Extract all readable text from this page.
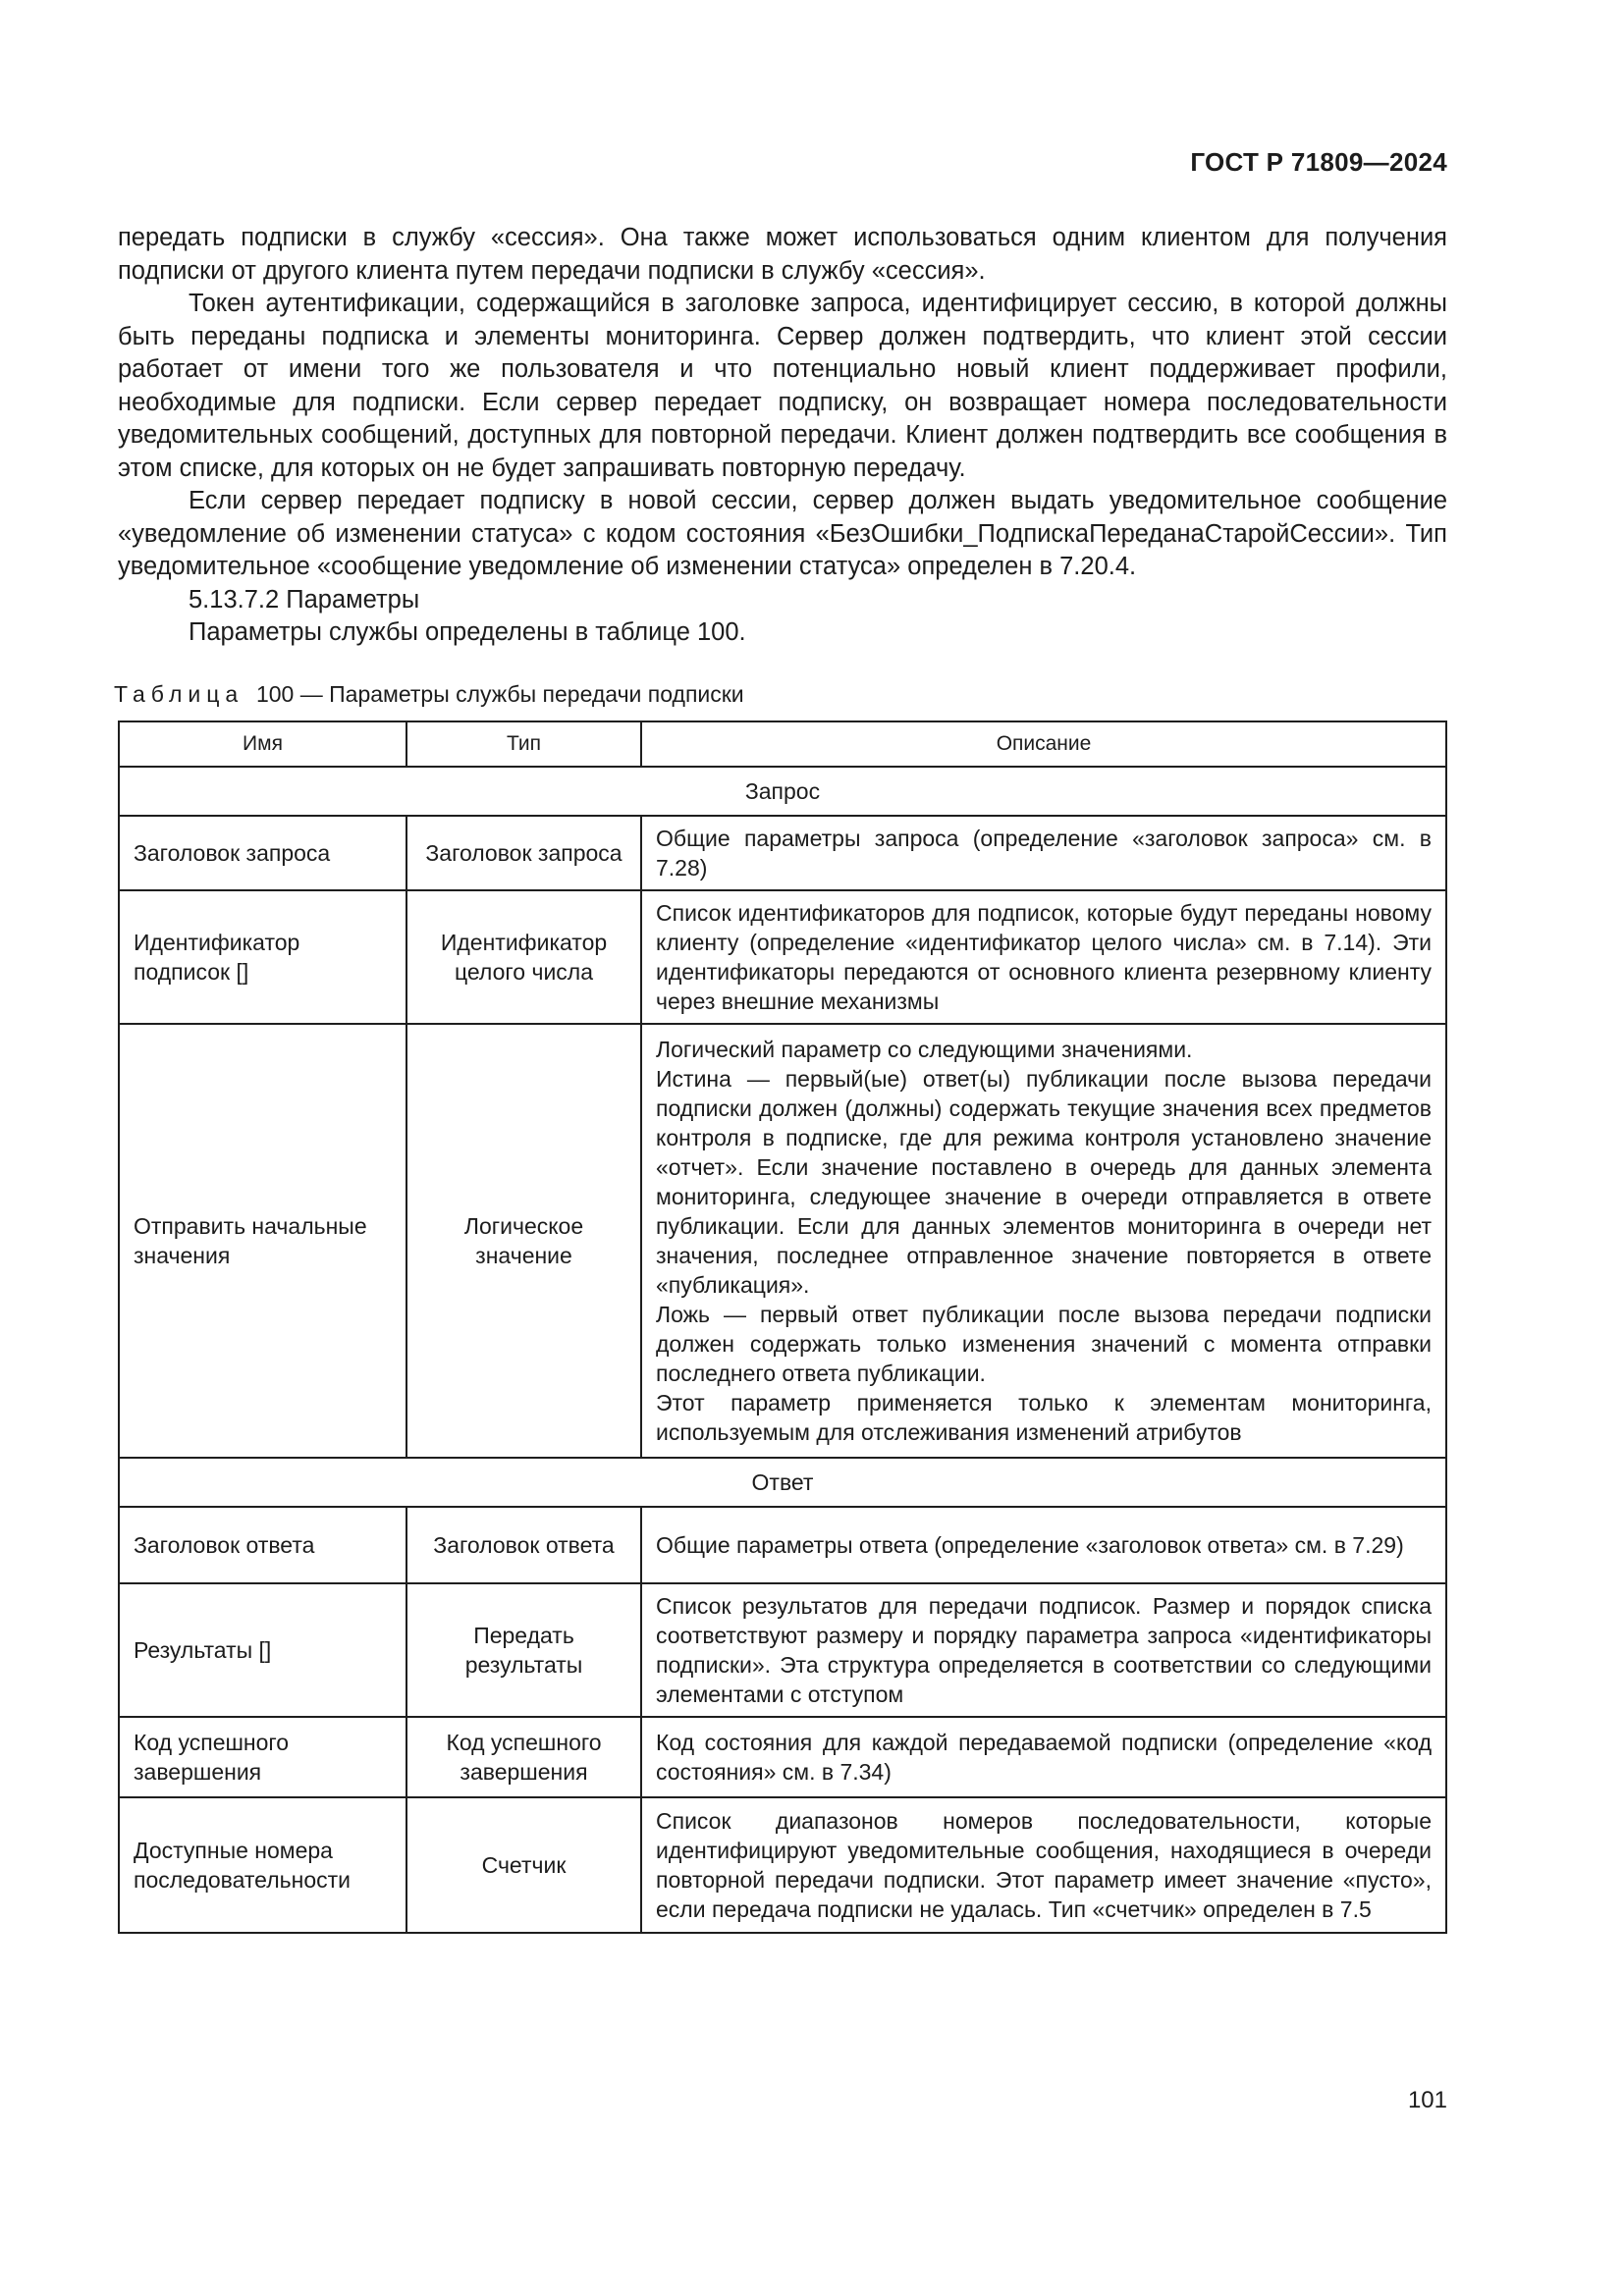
ГОСТ Р 71809—2024

передать подписки в службу «сессия». Она также может использоваться одним клиентом для получения подписки от другого клиента путем передачи подписки в службу «сессия».

Токен аутентификации, содержащийся в заголовке запроса, идентифицирует сессию, в которой должны быть переданы подписка и элементы мониторинга. Сервер должен подтвердить, что клиент этой сессии работает от имени того же пользователя и что потенциально новый клиент поддерживает профили, необходимые для подписки. Если сервер передает подписку, он возвращает номера последовательности уведомительных сообщений, доступных для повторной передачи. Клиент должен подтвердить все сообщения в этом списке, для которых он не будет запрашивать повторную передачу.

Если сервер передает подписку в новой сессии, сервер должен выдать уведомительное сообщение «уведомление об изменении статуса» с кодом состояния «БезОшибки_ПодпискаПереданаСтаройСессии». Тип уведомительное «сообщение уведомление об изменении статуса» определен в 7.20.4.

5.13.7.2 Параметры

Параметры службы определены в таблице 100.

Таблица 100 — Параметры службы передачи подписки
Имя	Тип	Описание
Запрос		
Заголовок запроса	Заголовок запроса	Общие параметры запроса (определение «заголовок запроса» см. в 7.28)
Идентификатор подписок []	Идентификатор целого числа	Список идентификаторов для подписок, которые будут переданы новому клиенту (определение «идентификатор целого числа» см. в 7.14). Эти идентификаторы передаются от основного клиента резервному клиенту через внешние механизмы
Отправить начальные значения	Логическое значение	Логический параметр со следующими значениями.
Истина — первый(ые) ответ(ы) публикации после вызова передачи подписки должен (должны) содержать текущие значения всех предметов контроля в подписке, где для режима контроля установлено значение «отчет». Если значение поставлено в очередь для данных элемента мониторинга, следующее значение в очереди отправляется в ответе публикации. Если для данных элементов мониторинга в очереди нет значения, последнее отправленное значение повторяется в ответе «публикация».
Ложь — первый ответ публикации после вызова передачи подписки должен содержать только изменения значений с момента отправки последнего ответа публикации.
Этот параметр применяется только к элементам мониторинга, используемым для отслеживания изменений атрибутов
Ответ		
Заголовок ответа	Заголовок ответа	Общие параметры ответа (определение «заголовок ответа» см. в 7.29)
Результаты []	Передать результаты	Список результатов для передачи подписок. Размер и порядок списка соответствуют размеру и порядку параметра запроса «идентификаторы подписки». Эта структура определяется в соответствии со следующими элементами с отступом
Код успешного завершения	Код успешного завершения	Код состояния для каждой передаваемой подписки (определение «код состояния» см. в 7.34)
Доступные номера последовательности	Счетчик	Список диапазонов номеров последовательности, которые идентифицируют уведомительные сообщения, находящиеся в очереди повторной передачи подписки. Этот параметр имеет значение «пусто», если передача подписки не удалась. Тип «счетчик» определен в 7.5
101
